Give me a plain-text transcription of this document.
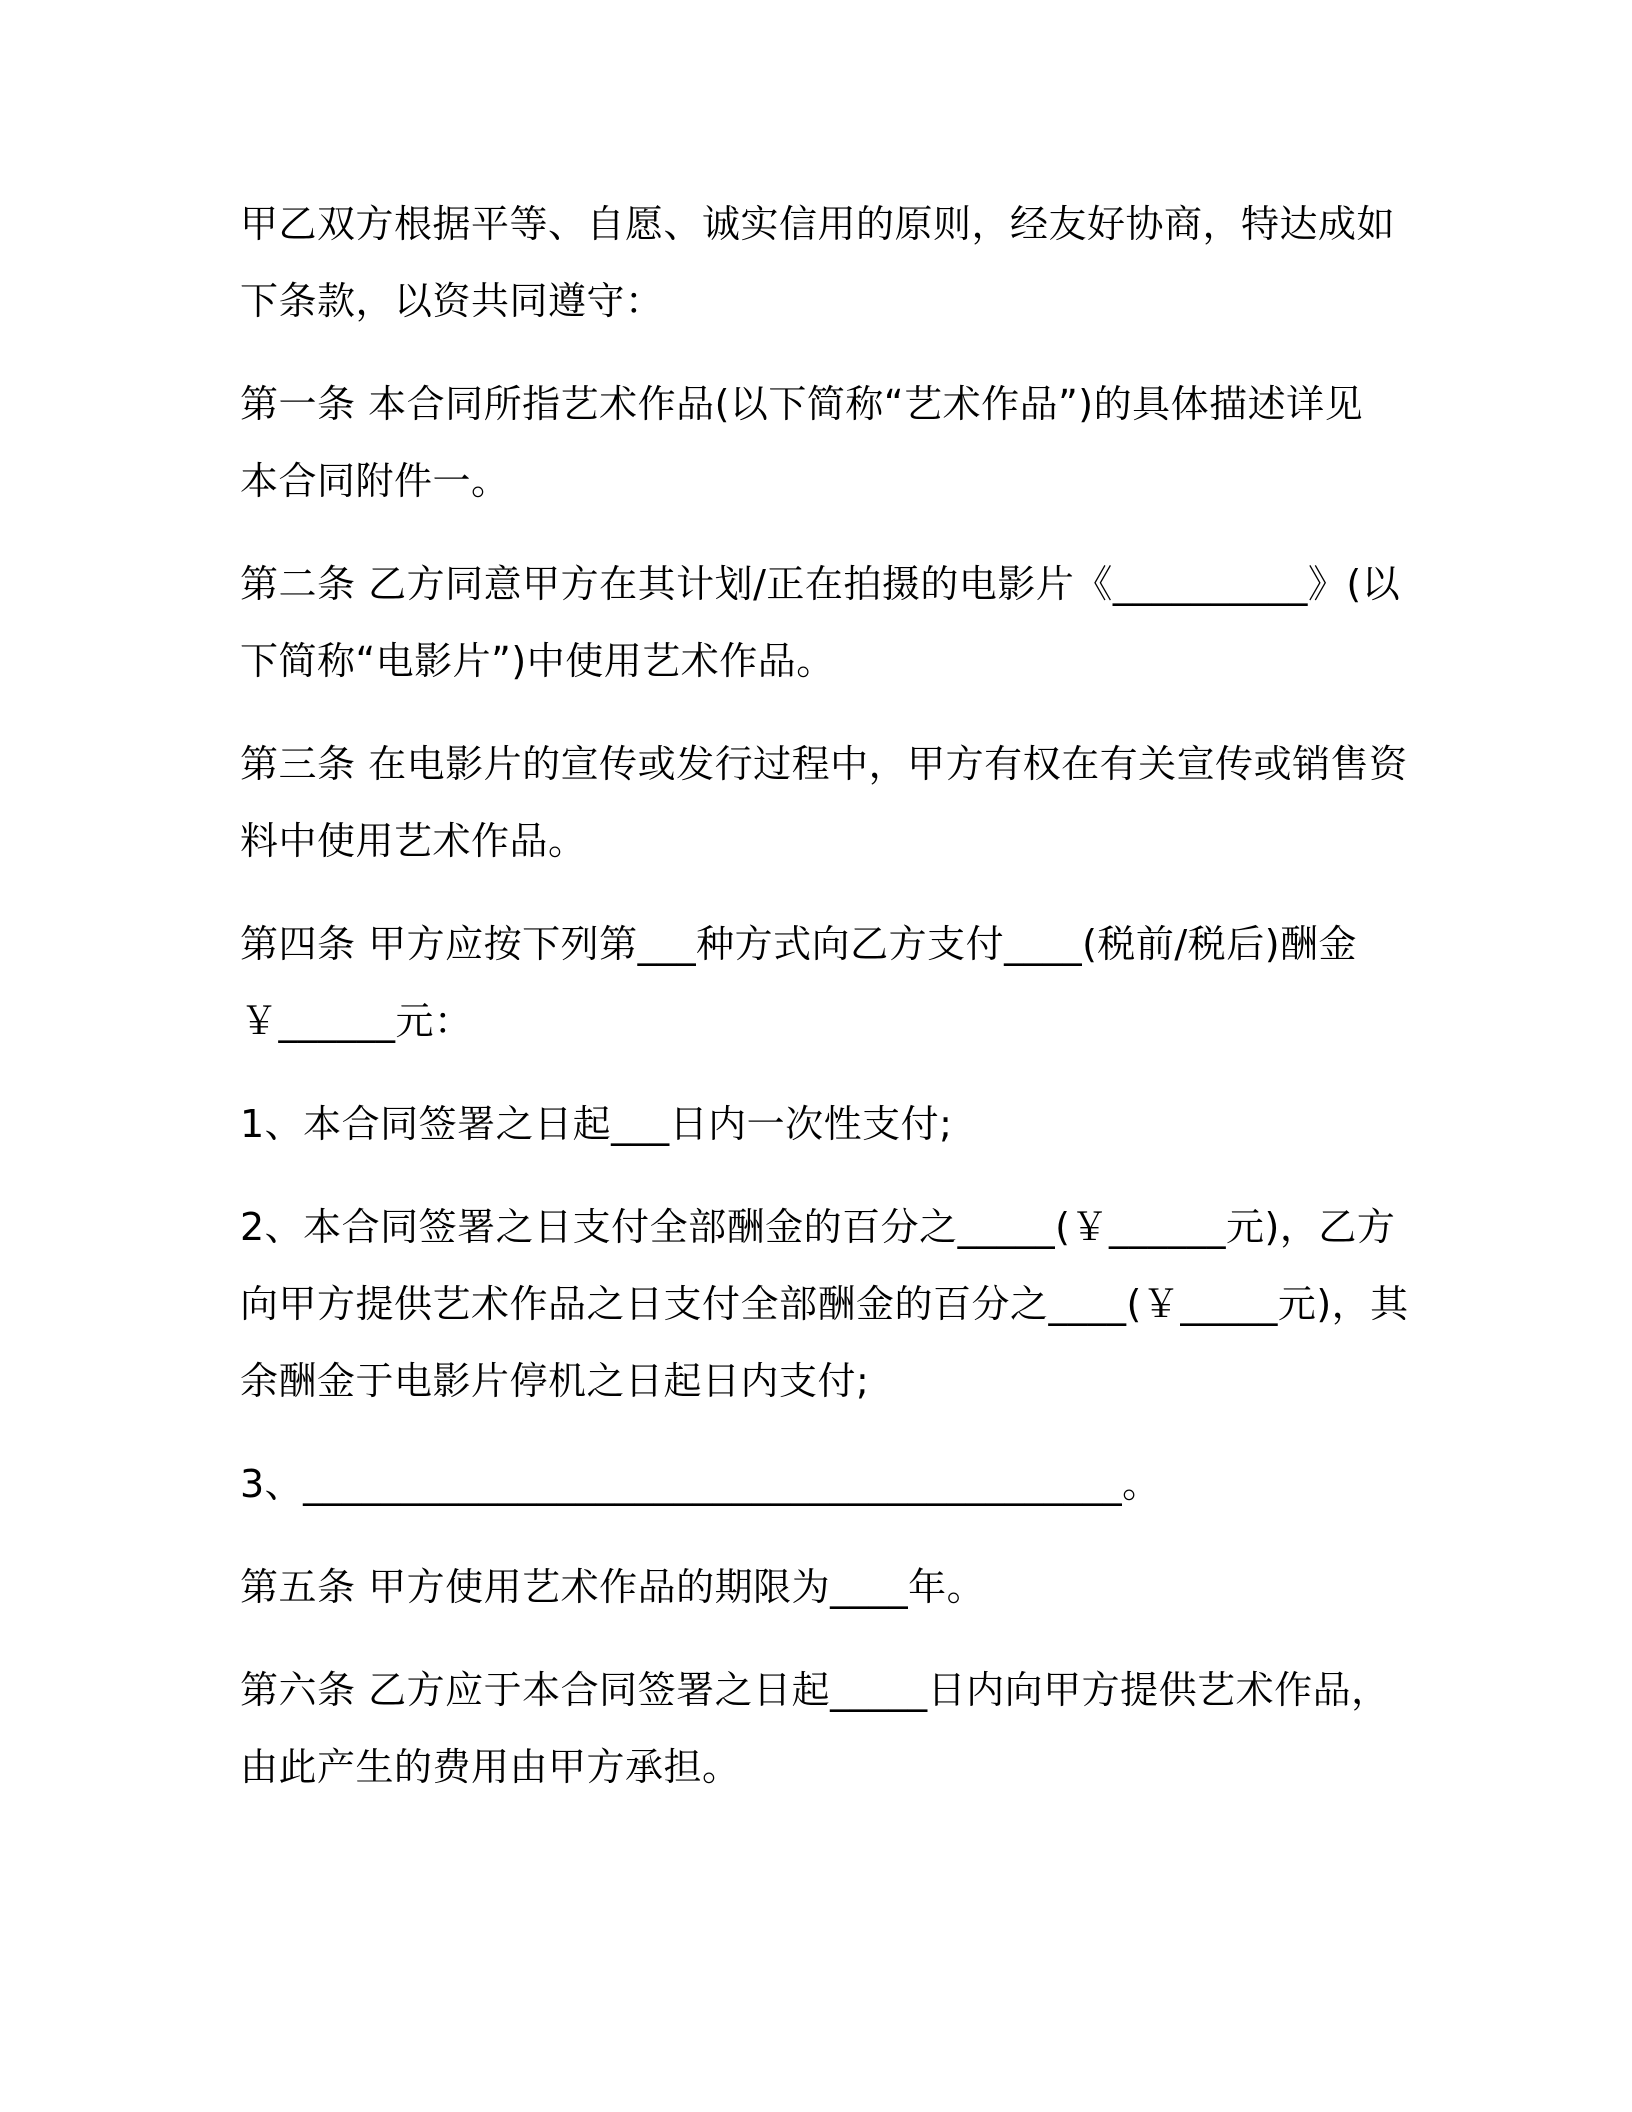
甲乙双方根据平等、自愿、诚实信用的原则，经友好协商，特达成如
下条款，以资共同遵守：

第一条 本合同所指艺术作品(以下简称“艺术作品”)的具体描述详见
本合同附件一。

第二条 乙方同意甲方在其计划/正在拍摄的电影片《__________》(以
下简称“电影片”)中使用艺术作品。

第三条 在电影片的宣传或发行过程中，甲方有权在有关宣传或销售资
料中使用艺术作品。

第四条 甲方应按下列第___种方式向乙方支付____(税前/税后)酬金
￥______元：

1、本合同签署之日起___日内一次性支付;

2、本合同签署之日支付全部酬金的百分之_____(￥______元)，乙方
向甲方提供艺术作品之日支付全部酬金的百分之____(￥_____元)，其
余酬金于电影片停机之日起日内支付;

3、__________________________________________。

第五条 甲方使用艺术作品的期限为____年。

第六条 乙方应于本合同签署之日起_____日内向甲方提供艺术作品，
由此产生的费用由甲方承担。
